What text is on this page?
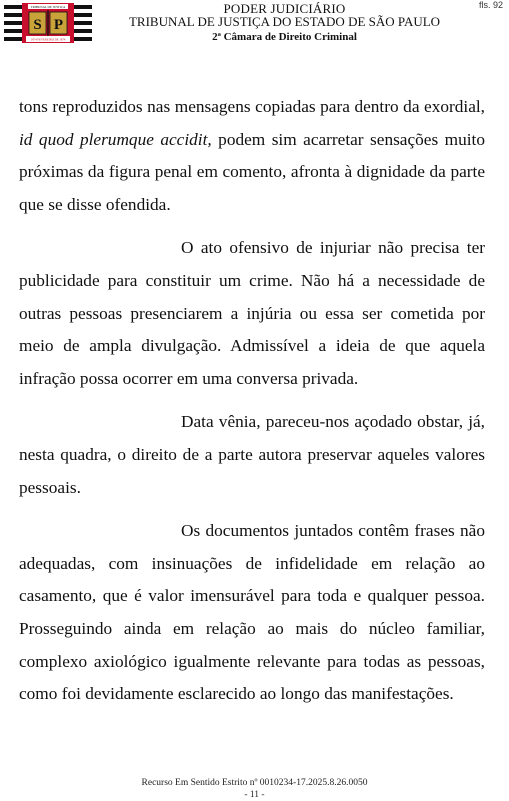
fls. 92
TRIBUNAL DE JUSTIÇA
S P
1874 FEVEREIRO DE 1874
PODER JUDICIÁRIO
TRIBUNAL DE JUSTIÇA DO ESTADO DE SÃO PAULO
2ª Câmara de Direito Criminal

tons reproduzidos nas mensagens copiadas para dentro da exordial, id quod plerumque accidit, podem sim acarretar sensações muito próximas da figura penal em comento, afronta à dignidade da parte que se disse ofendida.

O ato ofensivo de injuriar não precisa ter publicidade para constituir um crime. Não há a necessidade de outras pessoas presenciarem a injúria ou essa ser cometida por meio de ampla divulgação. Admissível a ideia de que aquela infração possa ocorrer em uma conversa privada.

Data vênia, pareceu-nos açodado obstar, já, nesta quadra, o direito de a parte autora preservar aqueles valores pessoais.

Os documentos juntados contêm frases não adequadas, com insinuações de infidelidade em relação ao casamento, que é valor imensurável para toda e qualquer pessoa. Prosseguindo ainda em relação ao mais do núcleo familiar, complexo axiológico igualmente relevante para todas as pessoas, como foi devidamente esclarecido ao longo das manifestações.

Recurso Em Sentido Estrito nº 0010234-17.2025.8.26.0050
- 11 -
